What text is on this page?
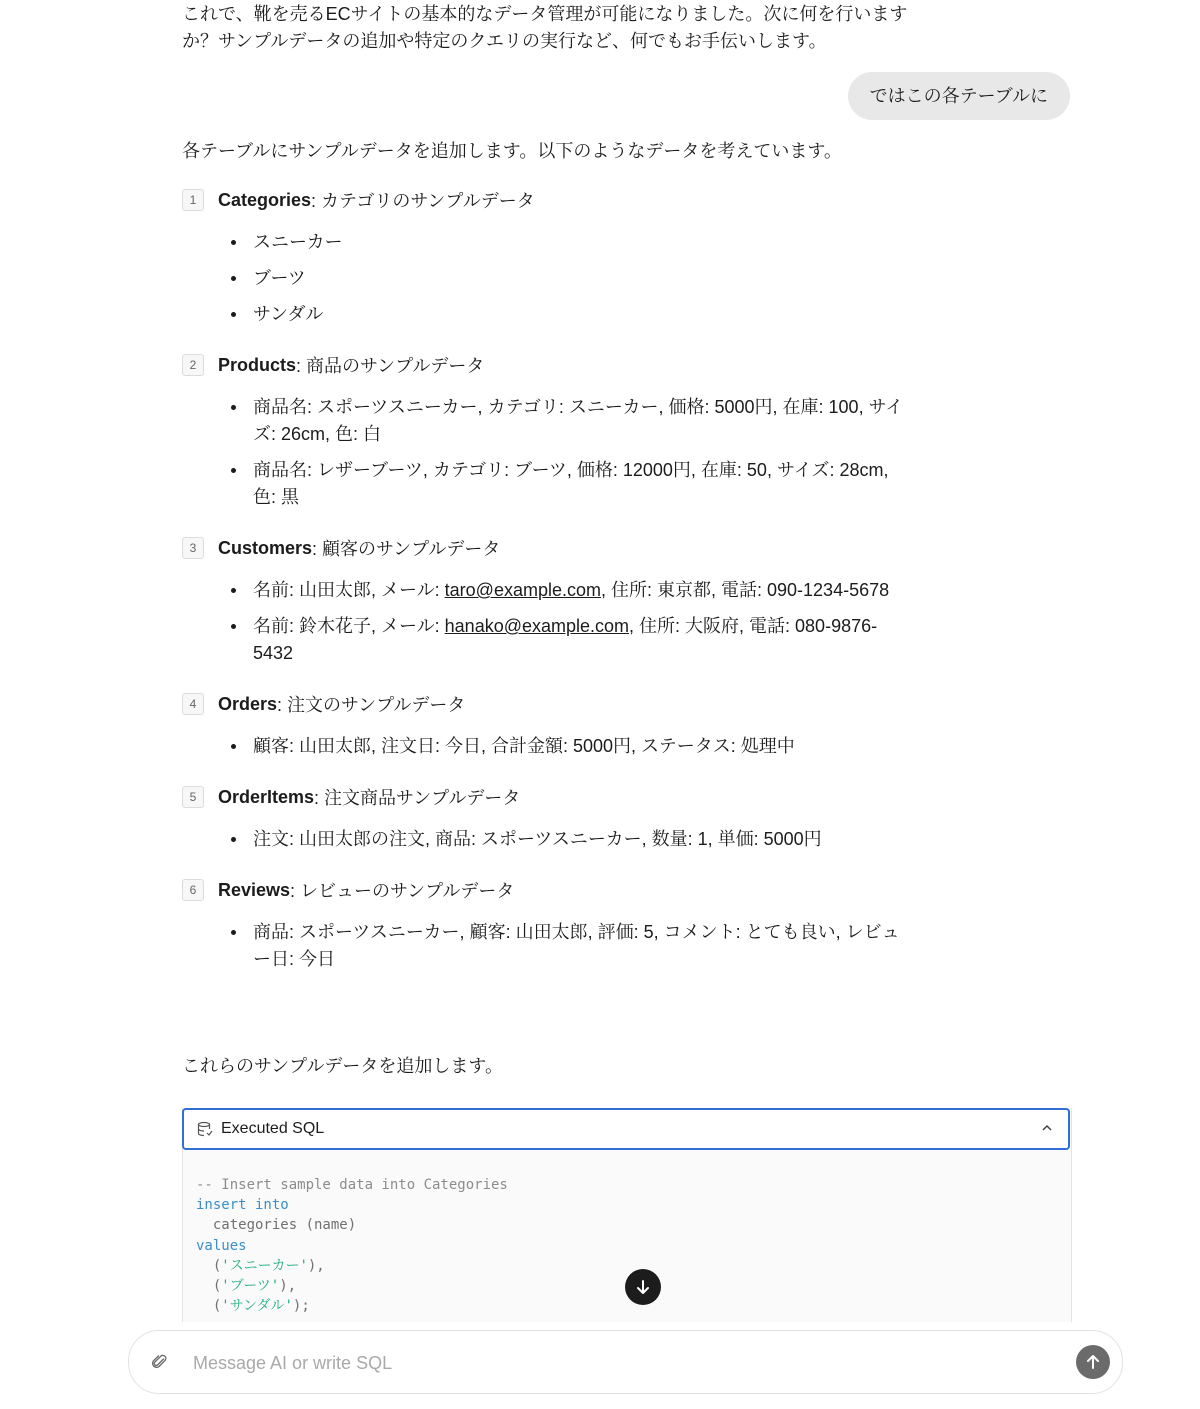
これで、靴を売るECサイトの基本的なデータ管理が可能になりました。次に何を行います
か？サンプルデータの追加や特定のクエリの実行など、何でもお手伝いします。
ではこの各テーブルに
各テーブルにサンプルデータを追加します。以下のようなデータを考えています。
1	Categories : カテゴリのサンプルデータ
スニーカー
ブーツ
サンダル
2	Products : 商品のサンプルデータ
商品名: スポーツスニーカー, カテゴリ: スニーカー, 価格: 5000円, 在庫: 100, サイズ: 26cm, 色: 白
商品名: レザーブーツ, カテゴリ: ブーツ, 価格: 12000円, 在庫: 50, サイズ: 28cm, 色: 黒
3	Customers : 顧客のサンプルデータ
名前: 山田太郎, メール: taro@example.com, 住所: 東京都, 電話: 090-1234-5678
名前: 鈴木花子, メール: hanako@example.com, 住所: 大阪府, 電話: 080-9876-5432
4	Orders : 注文のサンプルデータ
顧客: 山田太郎, 注文日: 今日, 合計金額: 5000円, ステータス: 処理中
5	OrderItems : 注文商品サンプルデータ
注文: 山田太郎の注文, 商品: スポーツスニーカー, 数量: 1, 単価: 5000円
6	Reviews : レビューのサンプルデータ
商品: スポーツスニーカー, 顧客: 山田太郎, 評価: 5, コメント: とても良い, レビュー日: 今日
これらのサンプルデータを追加します。
Executed SQL
-- Insert sample data into Categories
insert into
categories (name)
values
('スニーカー'),
('ブーツ'),
('サンダル');
Message AI or write SQL
